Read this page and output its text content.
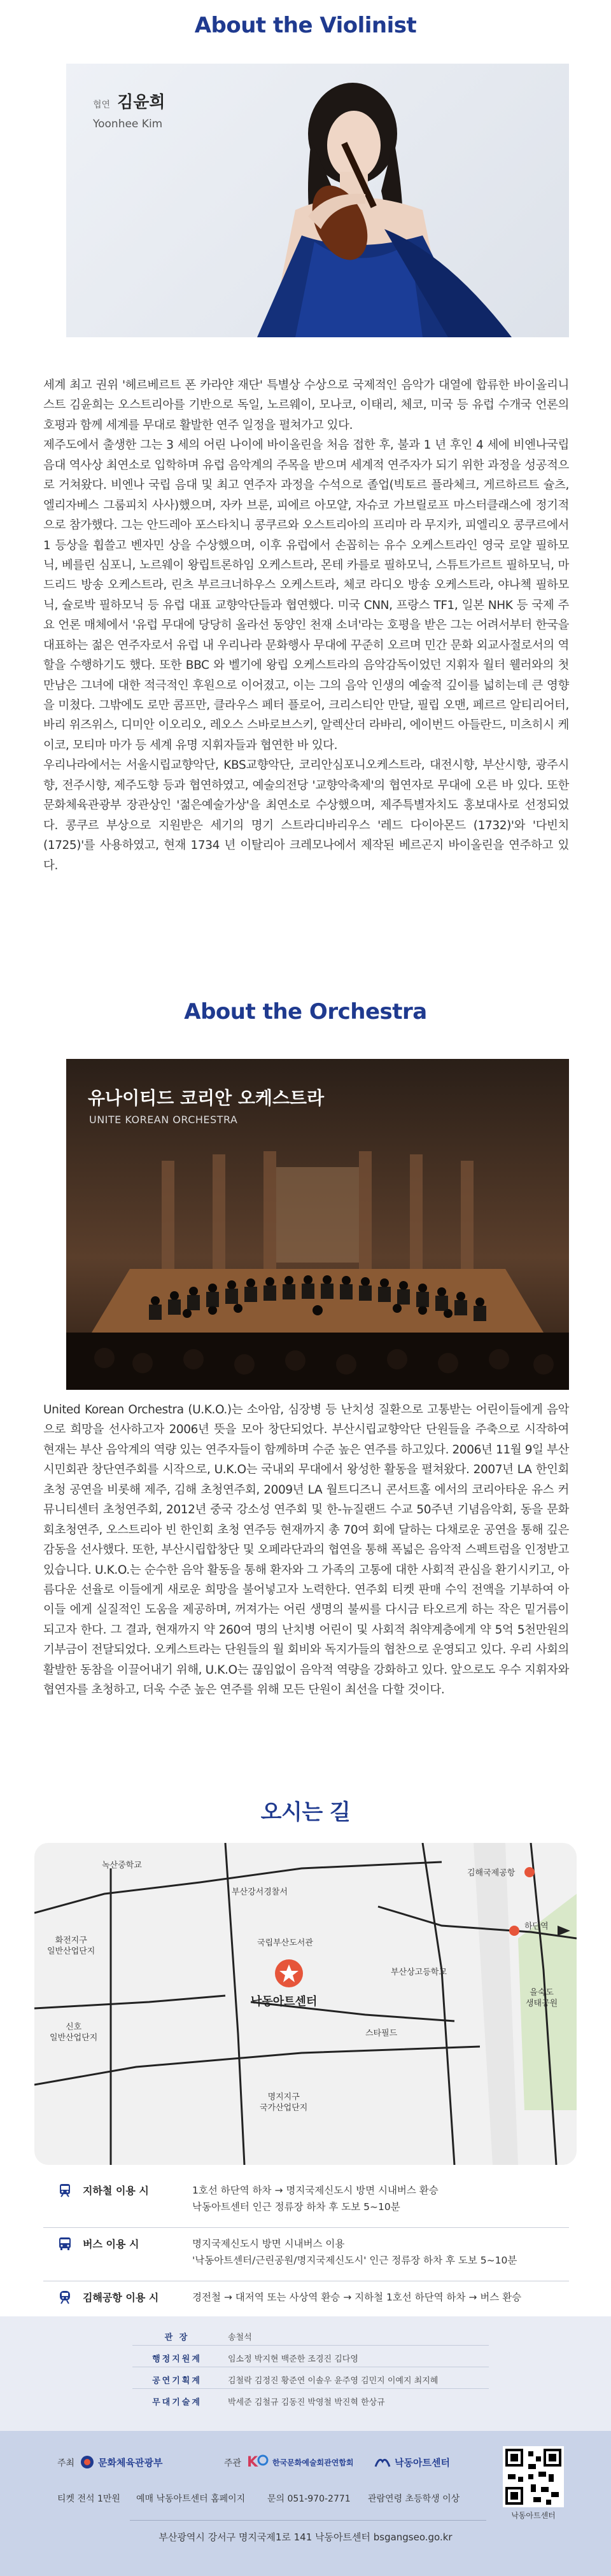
About the Violinist
협연 김윤희
Yoonhee Kim

세계 최고 권위 '헤르베르트 폰 카라얀 재단' 특별상 수상으로 국제적인 음악가 대열에 합류한 바이올리니스트 김윤희는 오스트리아를 기반으로 독일, 노르웨이, 모나코, 이태리, 체코, 미국 등 유럽 수개국 언론의 호평과 함께 세계를 무대로 활발한 연주 일정을 펼쳐가고 있다.

제주도에서 출생한 그는 3 세의 어린 나이에 바이올린을 처음 접한 후, 불과 1 년 후인 4 세에 비엔나국립음대 역사상 최연소로 입학하며 유럽 음악계의 주목을 받으며 세계적 연주자가 되기 위한 과정을 성공적으로 거쳐왔다. 비엔나 국립 음대 및 최고 연주자 과정을 수석으로 졸업(빅토르 플라체크, 게르하르트 슐츠, 엘리자베스 그룸피치 사사)했으며, 자카 브룬, 피에르 아모얄, 자슈코 가브릴로프 마스터클래스에 정기적으로 참가했다. 그는 안드레아 포스타치니 콩쿠르와 오스트리아의 프리마 라 무지카, 피엘리오 콩쿠르에서 1 등상을 휩쓸고 벤자민 상을 수상했으며, 이후 유럽에서 손꼽히는 유수 오케스트라인 영국 로얄 필하모닉, 베를린 심포니, 노르웨이 왕립트론하임 오케스트라, 몬테 카를로 필하모닉, 스튜트가르트 필하모닉, 마드리드 방송 오케스트라, 린츠 부르크너하우스 오케스트라, 체코 라디오 방송 오케스트라, 야나첵 필하모닉, 슐로박 필하모닉 등 유럽 대표 교향악단들과 협연했다. 미국 CNN, 프랑스 TF1, 일본 NHK 등 국제 주요 언론 매체에서 '유럽 무대에 당당히 올라선 동양인 천재 소녀'라는 호평을 받은 그는 어려서부터 한국을 대표하는 젊은 연주자로서 유럽 내 우리나라 문화행사 무대에 꾸준히 오르며 민간 문화 외교사절로서의 역할을 수행하기도 했다. 또한 BBC 와 벨기에 왕립 오케스트라의 음악감독이었던 지휘자 월터 웰러와의 첫 만남은 그녀에 대한 적극적인 후원으로 이어졌고, 이는 그의 음악 인생의 예술적 깊이를 넓히는데 큰 영향을 미쳤다. 그밖에도 로만 콤프만, 클라우스 페터 플로어, 크리스티안 만달, 필립 오맨, 페르르 알티리어터, 바리 위즈위스, 디미안 이오리오, 레오스 스바로브스키, 알렉산더 라바리, 에이번드 아들란드, 미츠히시 케이코, 모티마 마가 등 세계 유명 지휘자들과 협연한 바 있다.

우리나라에서는 서울시립교향악단, KBS교향악단, 코리안심포니오케스트라, 대전시향, 부산시향, 광주시향, 전주시향, 제주도향 등과 협연하였고, 예술의전당 '교향악축제'의 협연자로 무대에 오른 바 있다. 또한 문화체육관광부 장관상인 '젊은예술가상'을 최연소로 수상했으며, 제주특별자치도 홍보대사로 선정되었다. 콩쿠르 부상으로 지원받은 세기의 명기 스트라디바리우스 '레드 다이아몬드 (1732)'와 '다빈치(1725)'를 사용하였고, 현재 1734 년 이탈리아 크레모나에서 제작된 베르곤지 바이올린을 연주하고 있다.

About the Orchestra
유나이티드 코리안 오케스트라
UNITE KOREAN ORCHESTRA

United Korean Orchestra (U.K.O.)는 소아암, 심장병 등 난치성 질환으로 고통받는 어린이들에게 음악으로 희망을 선사하고자 2006년 뜻을 모아 창단되었다. 부산시립교향악단 단원들을 주축으로 시작하여 현재는 부산 음악계의 역량 있는 연주자들이 함께하며 수준 높은 연주를 하고있다. 2006년 11월 9일 부산시민회관 창단연주회를 시작으로, U.K.O는 국내외 무대에서 왕성한 활동을 펼쳐왔다. 2007년 LA 한인회 초청 공연을 비롯해 제주, 김해 초청연주회, 2009년 LA 월트디즈니 콘서트홀 에서의 코리아타운 유스 커뮤니티센터 초청연주회, 2012년 중국 강소성 연주회 및 한-뉴질랜드 수교 50주년 기념음악회, 동을 문화회초청연주, 오스트리아 빈 한인회 초청 연주등 현재까지 총 70여 회에 달하는 다채로운 공연을 통해 깊은 감동을 선사했다. 또한, 부산시립합창단 및 오페라단과의 협연을 통해 폭넓은 음악적 스펙트럼을 인정받고 있습니다. U.K.O.는 순수한 음악 활동을 통해 환자와 그 가족의 고통에 대한 사회적 관심을 환기시키고, 아름다운 선율로 이들에게 새로운 희망을 불어넣고자 노력한다. 연주회 티켓 판매 수익 전액을 기부하여 아이들 에게 실질적인 도움을 제공하며, 꺼져가는 어린 생명의 불씨를 다시금 타오르게 하는 작은 밑거름이 되고자 한다. 그 결과, 현재까지 약 260여 명의 난치병 어린이 및 사회적 취약계층에게 약 5억 5천만원의 기부금이 전달되었다. 오케스트라는 단원들의 월 회비와 독지가들의 협찬으로 운영되고 있다. 우리 사회의 활발한 동참을 이끌어내기 위해, U.K.O는 끊임없이 음악적 역량을 강화하고 있다. 앞으로도 우수 지휘자와 협연자를 초청하고, 더욱 수준 높은 연주를 위해 모든 단원이 최선을 다할 것이다.

오시는 길
녹산중학교
부산강서경찰서
김해국제공항
하단역
화전지구
일반산업단지
국립부산도서관
낙동아트센터
부산상고등학교
을숙도
생태공원
신호
일반산업단지	스타필드
명지지구
국가산업단지
지하철 이용 시	1호선 하단역 하차 → 명지국제신도시 방면 시내버스 환승
낙동아트센터 인근 정류장 하차 후 도보 5~10분
버스 이용 시	명지국제신도시 방면 시내버스 이용
'낙동아트센터/근린공원/명지국제신도시' 인근 정류장 하차 후 도보 5~10분
김해공항 이용 시	경전철 → 대저역 또는 사상역 환승 → 지하철 1호선 하단역 하차 → 버스 환승
관 장	송철석
행정지원계	임소정 박지현 백준한 조경진 김다영
공연기획계	김철락 김정진 황준연 이솔우 윤주영 김민지 이예지 최지혜
무대기술계	박세준 김철규 김동진 박영철 박진혁 한상규
주최 문화체육관광부	주관 K 한국문화예술회관연합회	낙동아트센터
티켓 전석 1만원 예매 낙동아트센터 홈페이지 문의 051-970-2771 관람연령 초등학생 이상
부산광역시 강서구 명지국제1로 141 낙동아트센터 bsgangseo.go.kr
낙동아트센터
